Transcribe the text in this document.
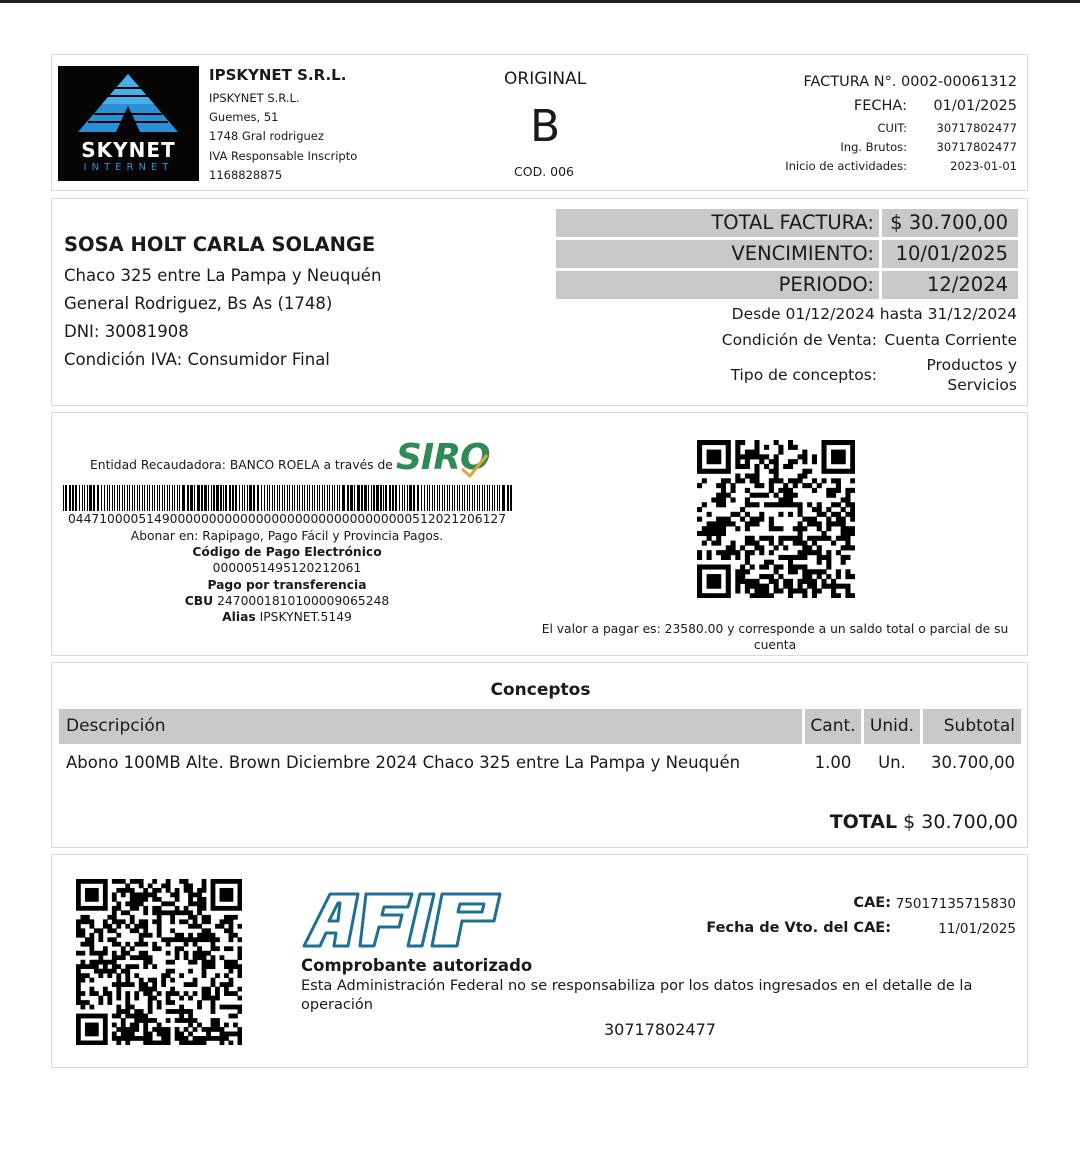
SKYNET
INTERNET
IPSKYNET S.R.L.
IPSKYNET S.R.L.
Guemes, 51
1748 Gral rodriguez
IVA Responsable Inscripto
1168828875
ORIGINAL
B
COD. 006
FACTURA N°. 0002-00061312
FECHA: 01/01/2025
CUIT:	30717802477
Ing. Brutos:	30717802477
Inicio de actividades:	2023-01-01
SOSA HOLT CARLA SOLANGE
Chaco 325 entre La Pampa y Neuquén
General Rodriguez, Bs As (1748)
DNI: 30081908
Condición IVA: Consumidor Final
TOTAL FACTURA: $ 30.700,00
VENCIMIENTO:	10/01/2025
PERIODO:	12/2024
Desde 01/12/2024 hasta 31/12/2024
Condición de Venta: Cuenta Corriente
Tipo de conceptos:
Productos y
Servicios
Entidad Recaudadora: BANCO ROELA a través de SIRO
04471000051490000000000000000000000000000000512021206127
Abonar en: Rapipago, Pago Fácil y Provincia Pagos.
Código de Pago Electrónico
0000051495120212061
Pago por transferencia
CBU 2470001810100009065248
Alias IPSKYNET.5149
El valor a pagar es: 23580.00 y corresponde a un saldo total o parcial de su
cuenta
Conceptos
Descripción	Cant. Unid.	Subtotal
Abono 100MB Alte. Brown Diciembre 2024 Chaco 325 entre La Pampa y Neuquén	1.00	Un.	30.700,00
TOTAL $ 30.700,00
CAE: 75017135715830
Fecha de Vto. del CAE:	11/01/2025
Comprobante autorizado
Esta Administración Federal no se responsabiliza por los datos ingresados en el detalle de la
operación
30717802477
